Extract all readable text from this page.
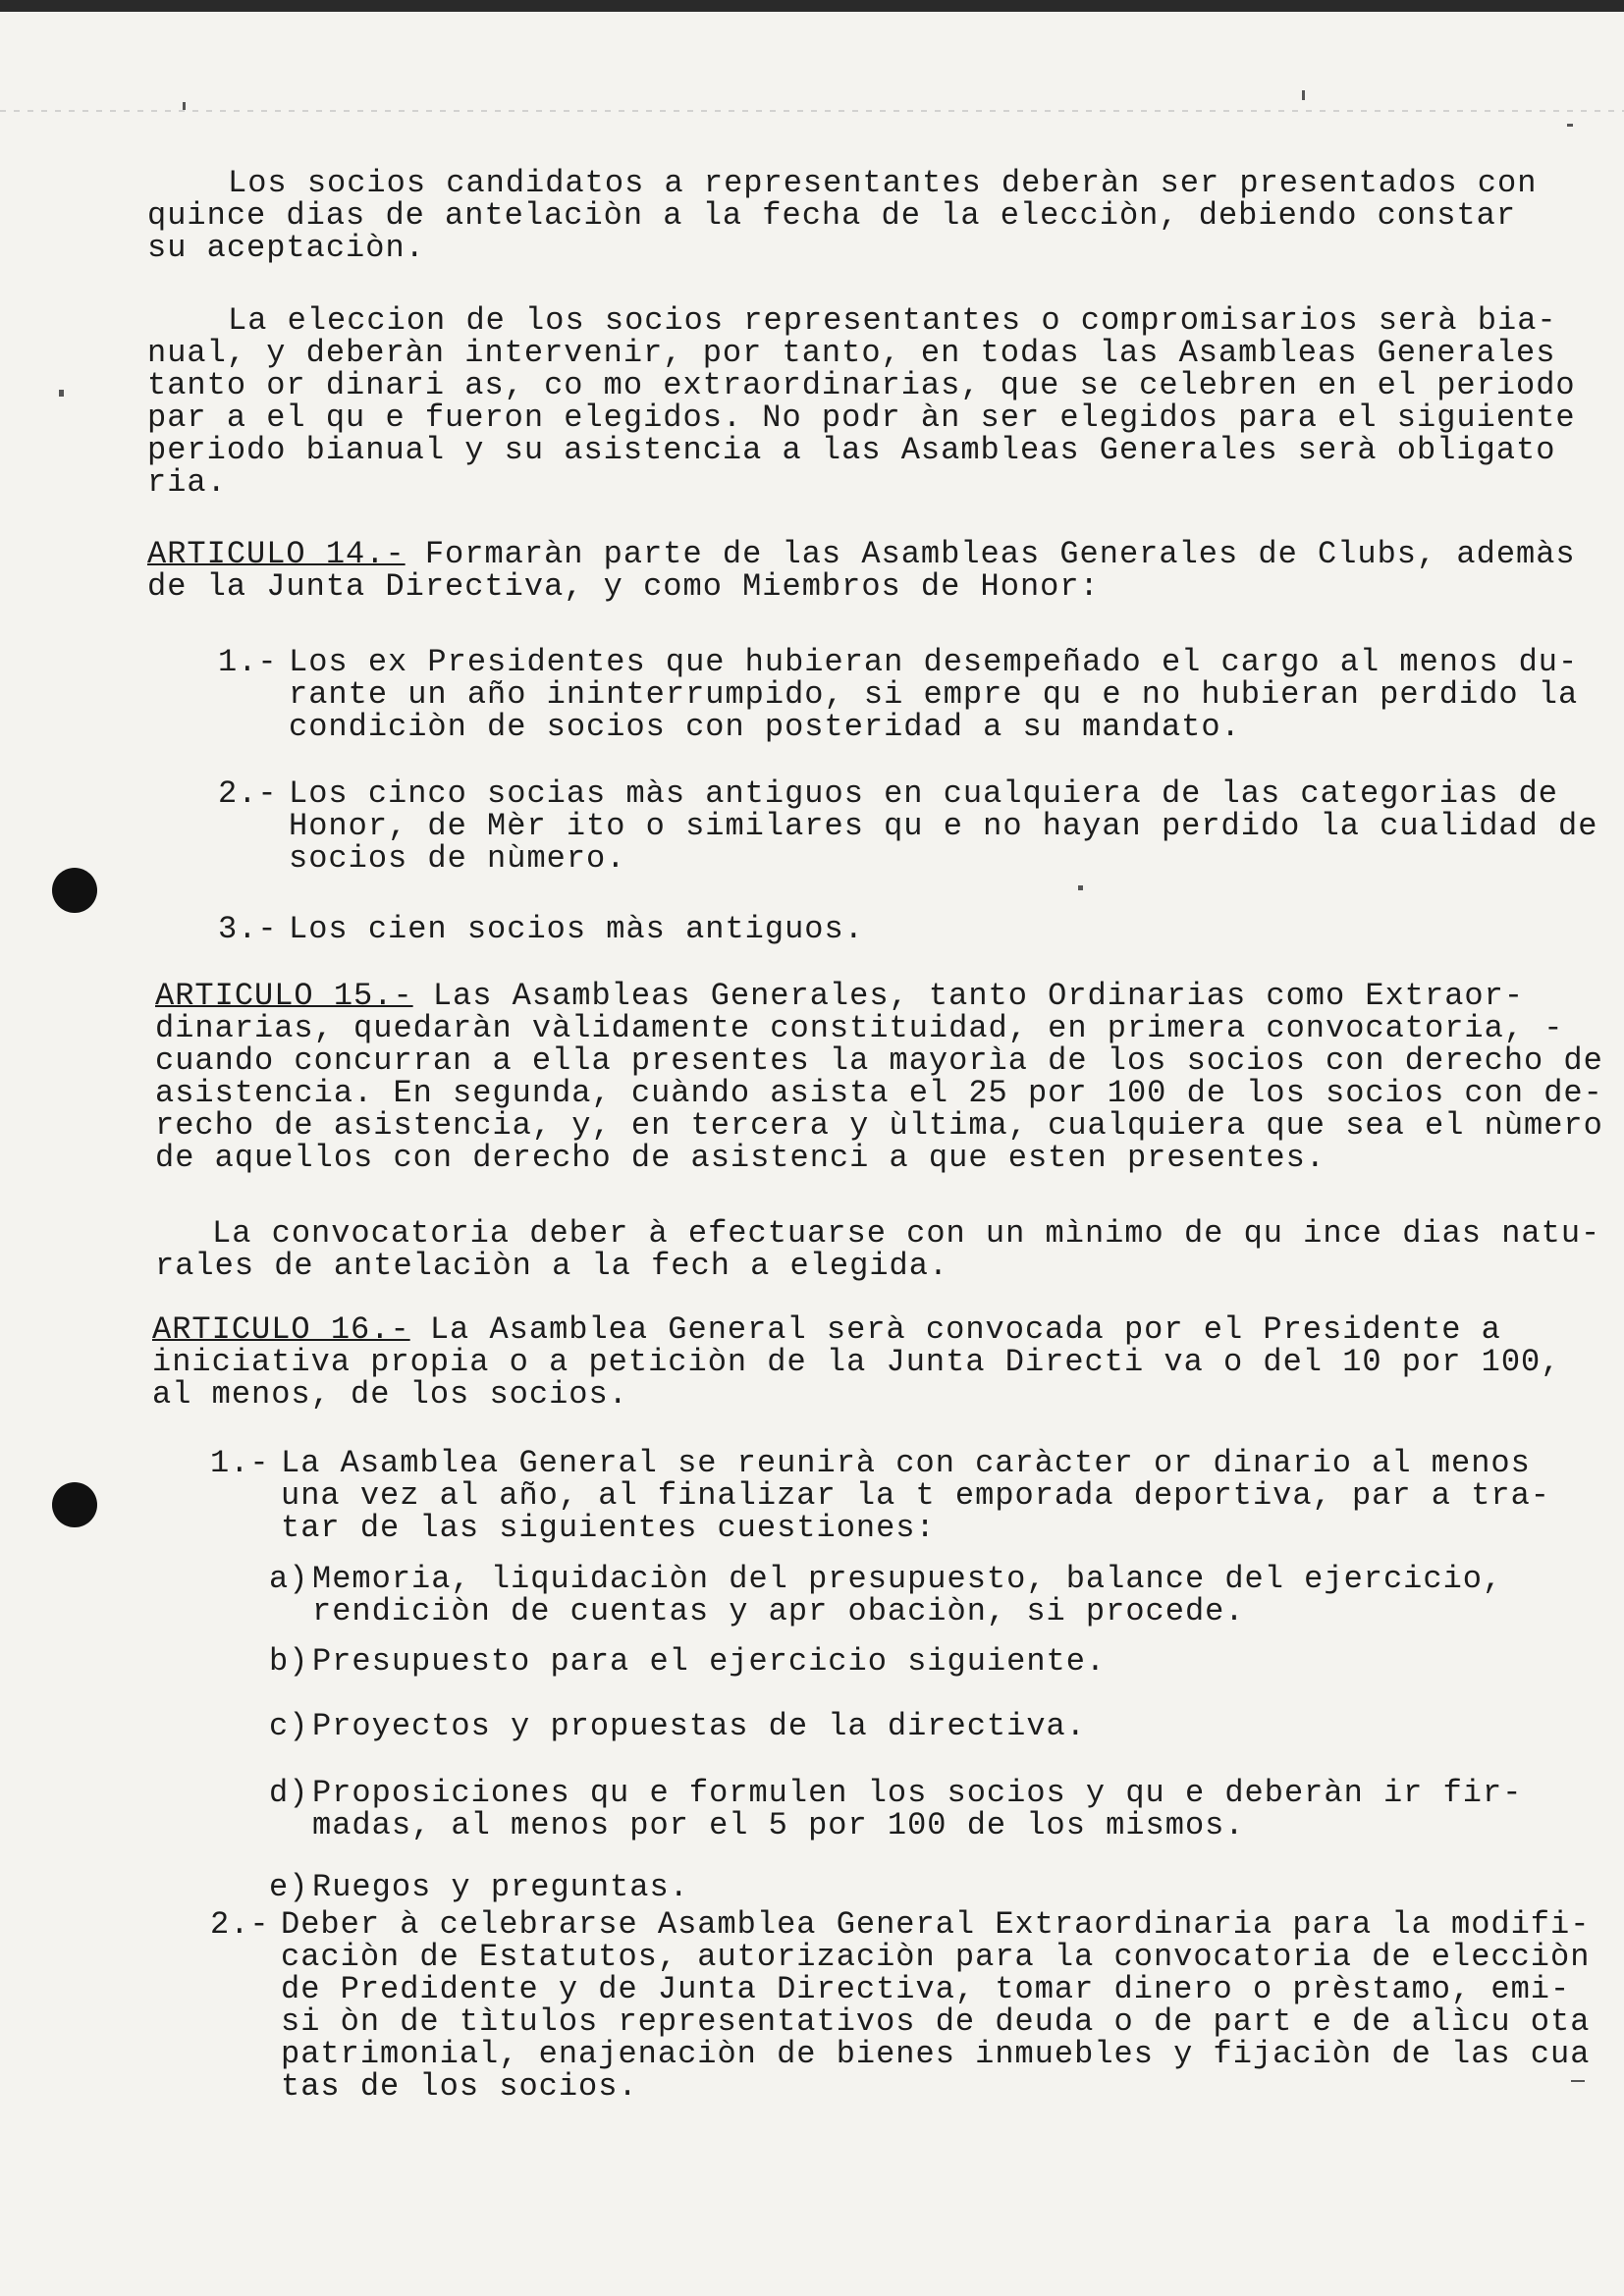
Los socios candidatos a representantes deberàn ser presentados con
quince dias de antelaciòn a la fecha de la elecciòn, debiendo constar
su aceptaciòn.
La eleccion de los socios representantes o compromisarios serà bia-
nual, y deberàn intervenir, por tanto, en todas las Asambleas Generales
tanto or dinari as, co mo extraordinarias, que se celebren en el periodo
par a el qu e fueron elegidos. No podr àn ser elegidos para el siguiente
periodo bianual y su asistencia a las Asambleas Generales serà obligato
ria.
ARTICULO 14.- Formaràn parte de las Asambleas Generales de Clubs, ademàs
de la Junta Directiva, y como Miembros de Honor:
1.- Los ex Presidentes que hubieran desempeñado el cargo al menos du-
rante un año ininterrumpido, si empre qu e no hubieran perdido la
condiciòn de socios con posteridad a su mandato.
2.- Los cinco socias màs antiguos en cualquiera de las categorias de
Honor, de Mèr ito o similares qu e no hayan perdido la cualidad de
socios de nùmero.
3.- Los cien socios màs antiguos.
ARTICULO 15.- Las Asambleas Generales, tanto Ordinarias como Extraor-
dinarias, quedaràn vàlidamente constituidad, en primera convocatoria, -
cuando concurran a ella presentes la mayorìa de los socios con derecho de
asistencia. En segunda, cuàndo asista el 25 por 100 de los socios con de-
recho de asistencia, y, en tercera y ùltima, cualquiera que sea el nùmero
de aquellos con derecho de asistenci a que esten presentes.
La convocatoria deber à efectuarse con un mìnimo de qu ince dias natu-
rales de antelaciòn a la fech a elegida.
ARTICULO 16.- La Asamblea General serà convocada por el Presidente a
iniciativa propia o a peticiòn de la Junta Directi va o del 10 por 100,
al menos, de los socios.
1.- La Asamblea General se reunirà con caràcter or dinario al menos
una vez al año, al finalizar la t emporada deportiva, par a tra-
tar de las siguientes cuestiones:
a) Memoria, liquidaciòn del presupuesto, balance del ejercicio,
rendiciòn de cuentas y apr obaciòn, si procede.
b) Presupuesto para el ejercicio siguiente.
c) Proyectos y propuestas de la directiva.
d) Proposiciones qu e formulen los socios y qu e deberàn ir fir-
madas, al menos por el 5 por 100 de los mismos.
e) Ruegos y preguntas.
2.- Deber à celebrarse Asamblea General Extraordinaria para la modifi-
caciòn de Estatutos, autorizaciòn para la convocatoria de elecciòn
de Predidente y de Junta Directiva, tomar dinero o prèstamo, emi-
si òn de tìtulos representativos de deuda o de part e de alìcu ota
patrimonial, enajenaciòn de bienes inmuebles y fijaciòn de las cua
tas de los socios.
